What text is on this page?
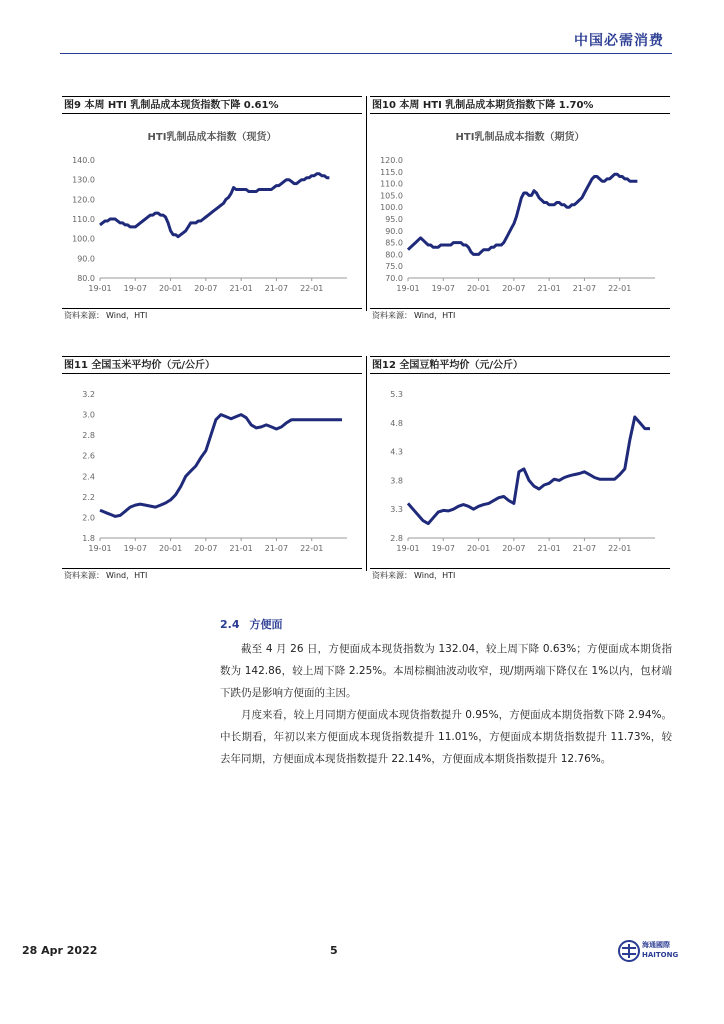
中国必需消费
图9 本周 HTI 乳制品成本现货指数下降 0.61%
HTI乳制品成本指数（现货）
80.0
90.0
100.0
110.0
120.0
130.0
140.0
19-01 19-07 20-01 20-07 21-01 21-07 22-01
资料来源： Wind，HTI
图10 本周 HTI 乳制品成本期货指数下降 1.70%
HTI乳制品成本指数（期货）
70.0
75.0
80.0
85.0
90.0
95.0
100.0
105.0
110.0
115.0
120.0
19-01 19-07 20-01 20-07 21-01 21-07 22-01
资料来源： Wind，HTI
图11 全国玉米平均价（元/公斤）
1.8
2.0
2.2
2.4
2.6
2.8
3.0
3.2
19-01 19-07 20-01 20-07 21-01 21-07 22-01
资料来源： Wind，HTI
图12 全国豆粕平均价（元/公斤）
2.8
3.3
3.8
4.3
4.8
5.3
19-01 19-07 20-01 20-07 21-01 21-07 22-01
资料来源： Wind，HTI
2.4 方便面

截至 4 月 26 日，方便面成本现货指数为 132.04，较上周下降 0.63%；方便面成本期货指数为 142.86，较上周下降 2.25%。本周棕榈油波动收窄，现/期两端下降仅在 1%以内，包材端下跌仍是影响方便面的主因。

月度来看，较上月同期方便面成本现货指数提升 0.95%，方便面成本期货指数下降 2.94%。中长期看，年初以来方便面成本现货指数提升 11.01%，方便面成本期货指数提升 11.73%，较去年同期，方便面成本现货指数提升 22.14%，方便面成本期货指数提升 12.76%。

28 Apr 2022	5	海通國際
HAITONG
